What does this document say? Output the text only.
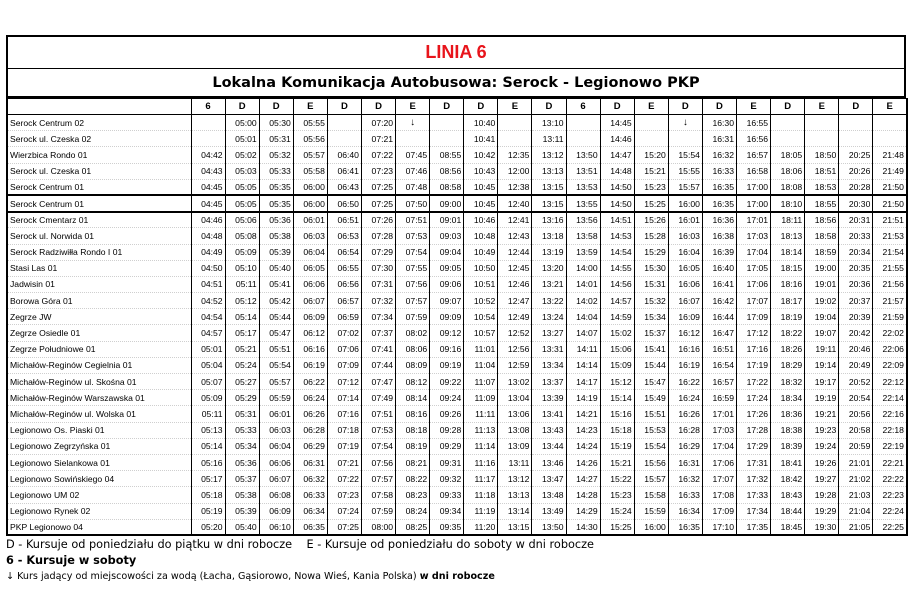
LINIA 6
Lokalna Komunikacja Autobusowa: Serock - Legionowo PKP
	6	D	D	E	D	D	E	D	D	E	D	6	D	E	D	D	E	D	E	D	E
Serock Centrum 02		05:00	05:30	05:55		07:20	↓		10:40		13:10		14:45		↓	16:30	16:55				
Serock ul. Czeska 02		05:01	05:31	05:56		07:21			10:41		13:11		14:46			16:31	16:56				
Wierzbica Rondo 01	04:42	05:02	05:32	05:57	06:40	07:22	07:45	08:55	10:42	12:35	13:12	13:50	14:47	15:20	15:54	16:32	16:57	18:05	18:50	20:25	21:48
Serock ul. Czeska 01	04:43	05:03	05:33	05:58	06:41	07:23	07:46	08:56	10:43	12:00	13:13	13:51	14:48	15:21	15:55	16:33	16:58	18:06	18:51	20:26	21:49
Serock Centrum 01	04:45	05:05	05:35	06:00	06:43	07:25	07:48	08:58	10:45	12:38	13:15	13:53	14:50	15:23	15:57	16:35	17:00	18:08	18:53	20:28	21:50
Serock Centrum 01	04:45	05:05	05:35	06:00	06:50	07:25	07:50	09:00	10:45	12:40	13:15	13:55	14:50	15:25	16:00	16:35	17:00	18:10	18:55	20:30	21:50
Serock Cmentarz 01	04:46	05:06	05:36	06:01	06:51	07:26	07:51	09:01	10:46	12:41	13:16	13:56	14:51	15:26	16:01	16:36	17:01	18:11	18:56	20:31	21:51
Serock ul. Norwida 01	04:48	05:08	05:38	06:03	06:53	07:28	07:53	09:03	10:48	12:43	13:18	13:58	14:53	15:28	16:03	16:38	17:03	18:13	18:58	20:33	21:53
Serock Radziwiłła Rondo I 01	04:49	05:09	05:39	06:04	06:54	07:29	07:54	09:04	10:49	12:44	13:19	13:59	14:54	15:29	16:04	16:39	17:04	18:14	18:59	20:34	21:54
Stasi Las 01	04:50	05:10	05:40	06:05	06:55	07:30	07:55	09:05	10:50	12:45	13:20	14:00	14:55	15:30	16:05	16:40	17:05	18:15	19:00	20:35	21:55
Jadwisin 01	04:51	05:11	05:41	06:06	06:56	07:31	07:56	09:06	10:51	12:46	13:21	14:01	14:56	15:31	16:06	16:41	17:06	18:16	19:01	20:36	21:56
Borowa Góra 01	04:52	05:12	05:42	06:07	06:57	07:32	07:57	09:07	10:52	12:47	13:22	14:02	14:57	15:32	16:07	16:42	17:07	18:17	19:02	20:37	21:57
Zegrze JW	04:54	05:14	05:44	06:09	06:59	07:34	07:59	09:09	10:54	12:49	13:24	14:04	14:59	15:34	16:09	16:44	17:09	18:19	19:04	20:39	21:59
Zegrze Osiedle 01	04:57	05:17	05:47	06:12	07:02	07:37	08:02	09:12	10:57	12:52	13:27	14:07	15:02	15:37	16:12	16:47	17:12	18:22	19:07	20:42	22:02
Zegrze Południowe 01	05:01	05:21	05:51	06:16	07:06	07:41	08:06	09:16	11:01	12:56	13:31	14:11	15:06	15:41	16:16	16:51	17:16	18:26	19:11	20:46	22:06
Michałów-Reginów Cegielnia 01	05:04	05:24	05:54	06:19	07:09	07:44	08:09	09:19	11:04	12:59	13:34	14:14	15:09	15:44	16:19	16:54	17:19	18:29	19:14	20:49	22:09
Michałów-Reginów ul. Skośna 01	05:07	05:27	05:57	06:22	07:12	07:47	08:12	09:22	11:07	13:02	13:37	14:17	15:12	15:47	16:22	16:57	17:22	18:32	19:17	20:52	22:12
Michałów-Reginów Warszawska 01	05:09	05:29	05:59	06:24	07:14	07:49	08:14	09:24	11:09	13:04	13:39	14:19	15:14	15:49	16:24	16:59	17:24	18:34	19:19	20:54	22:14
Michałów-Reginów ul. Wolska 01	05:11	05:31	06:01	06:26	07:16	07:51	08:16	09:26	11:11	13:06	13:41	14:21	15:16	15:51	16:26	17:01	17:26	18:36	19:21	20:56	22:16
Legionowo Os. Piaski 01	05:13	05:33	06:03	06:28	07:18	07:53	08:18	09:28	11:13	13:08	13:43	14:23	15:18	15:53	16:28	17:03	17:28	18:38	19:23	20:58	22:18
Legionowo Zegrzyńska 01	05:14	05:34	06:04	06:29	07:19	07:54	08:19	09:29	11:14	13:09	13:44	14:24	15:19	15:54	16:29	17:04	17:29	18:39	19:24	20:59	22:19
Legionowo Sielankowa 01	05:16	05:36	06:06	06:31	07:21	07:56	08:21	09:31	11:16	13:11	13:46	14:26	15:21	15:56	16:31	17:06	17:31	18:41	19:26	21:01	22:21
Legionowo Sowińskiego 04	05:17	05:37	06:07	06:32	07:22	07:57	08:22	09:32	11:17	13:12	13:47	14:27	15:22	15:57	16:32	17:07	17:32	18:42	19:27	21:02	22:22
Legionowo UM 02	05:18	05:38	06:08	06:33	07:23	07:58	08:23	09:33	11:18	13:13	13:48	14:28	15:23	15:58	16:33	17:08	17:33	18:43	19:28	21:03	22:23
Legionowo Rynek 02	05:19	05:39	06:09	06:34	07:24	07:59	08:24	09:34	11:19	13:14	13:49	14:29	15:24	15:59	16:34	17:09	17:34	18:44	19:29	21:04	22:24
PKP Legionowo 04	05:20	05:40	06:10	06:35	07:25	08:00	08:25	09:35	11:20	13:15	13:50	14:30	15:25	16:00	16:35	17:10	17:35	18:45	19:30	21:05	22:25
D - Kursuje od poniedziału do piątku w dni robocze    E - Kursuje od poniedziału do soboty w dni robocze
6 - Kursuje w soboty
↓ Kurs jadący od miejscowości za wodą (Łacha, Gąsiorowo, Nowa Wieś, Kania Polska) w dni robocze
